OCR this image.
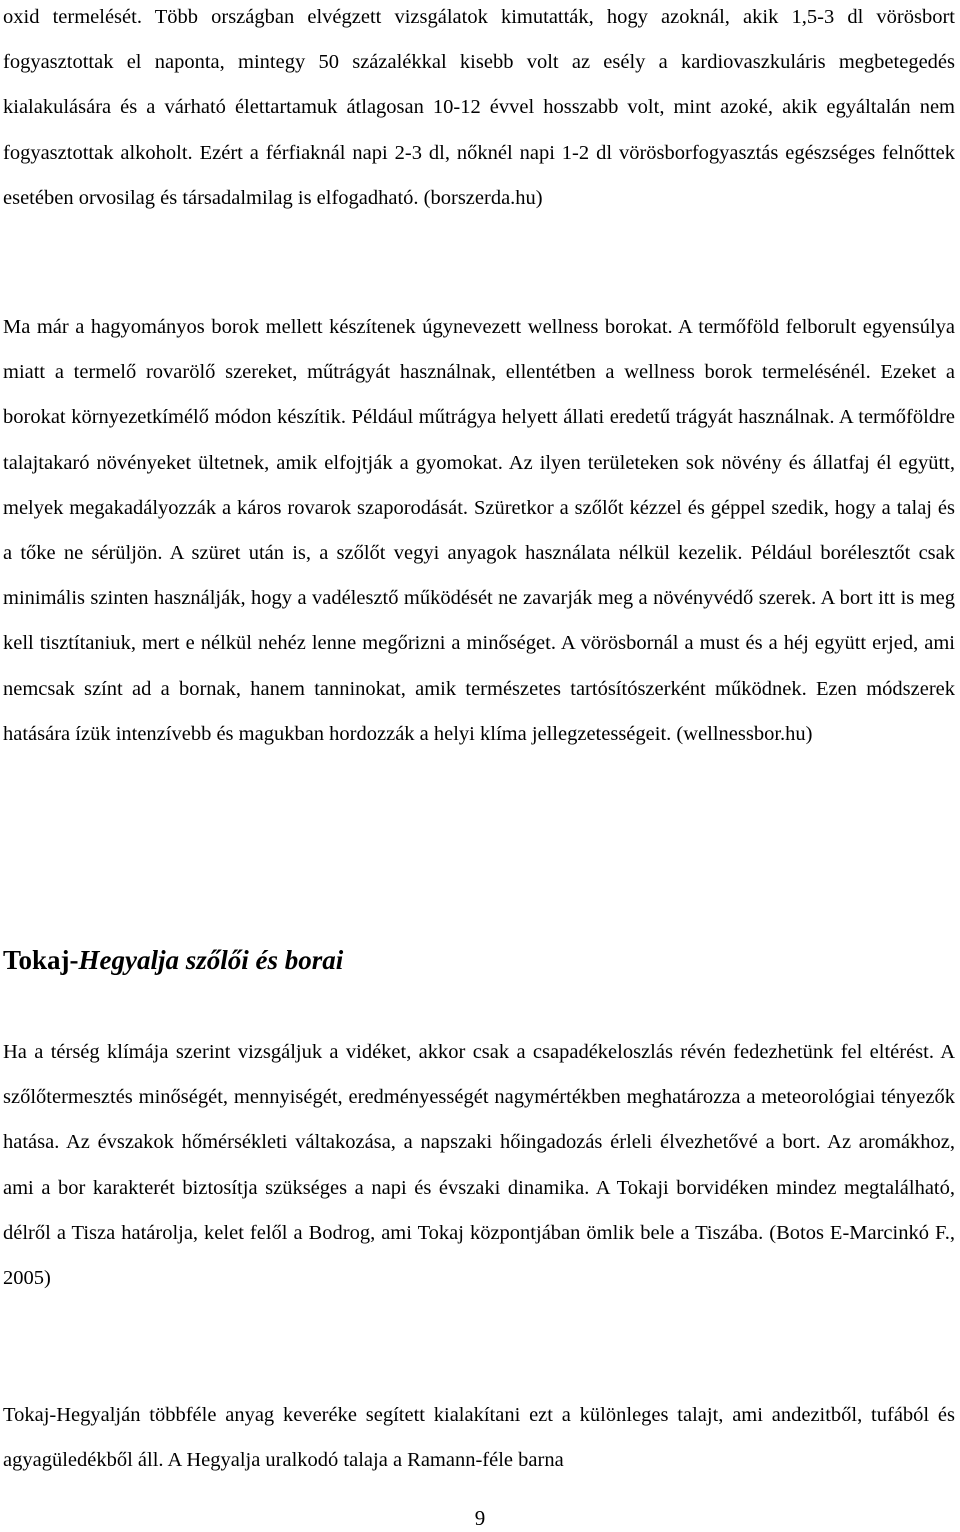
oxid termelését. Több országban elvégzett vizsgálatok kimutatták, hogy azoknál, akik 1,5-3 dl vörösbort fogyasztottak el naponta, mintegy 50 százalékkal kisebb volt az esély a kardiovaszkuláris megbetegedés kialakulására és a várható élettartamuk átlagosan 10-12 évvel hosszabb volt, mint azoké, akik egyáltalán nem fogyasztottak alkoholt. Ezért a férfiaknál napi 2-3 dl, nőknél napi 1-2 dl vörösborfogyasztás egészséges felnőttek esetében orvosilag és társadalmilag is elfogadható. (borszerda.hu)

Ma már a hagyományos borok mellett készítenek úgynevezett wellness borokat. A termőföld felborult egyensúlya miatt a termelő rovarölő szereket, műtrágyát használnak, ellentétben a wellness borok termelésénél. Ezeket a borokat környezetkímélő módon készítik. Például műtrágya helyett állati eredetű trágyát használnak. A termőföldre talajtakaró növényeket ültetnek, amik elfojtják a gyomokat. Az ilyen területeken sok növény és állatfaj él együtt, melyek megakadályozzák a káros rovarok szaporodását. Szüretkor a szőlőt kézzel és géppel szedik, hogy a talaj és a tőke ne sérüljön. A szüret után is, a szőlőt vegyi anyagok használata nélkül kezelik. Például borélesztőt csak minimális szinten használják, hogy a vadélesztő működését ne zavarják meg a növényvédő szerek. A bort itt is meg kell tisztítaniuk, mert e nélkül nehéz lenne megőrizni a minőséget. A vörösbornál a must és a héj együtt erjed, ami nemcsak színt ad a bornak, hanem tanninokat, amik természetes tartósítószerként működnek. Ezen módszerek hatására ízük intenzívebb és magukban hordozzák a helyi klíma jellegzetességeit. (wellnessbor.hu)

Tokaj-Hegyalja szőlői és borai

Ha a térség klímája szerint vizsgáljuk a vidéket, akkor csak a csapadékeloszlás révén fedezhetünk fel eltérést. A szőlőtermesztés minőségét, mennyiségét, eredményességét nagymértékben meghatározza a meteorológiai tényezők hatása. Az évszakok hőmérsékleti váltakozása, a napszaki hőingadozás érleli élvezhetővé a bort. Az aromákhoz, ami a bor karakterét biztosítja szükséges a napi és évszaki dinamika. A Tokaji borvidéken mindez megtalálható, délről a Tisza határolja, kelet felől a Bodrog, ami Tokaj központjában ömlik bele a Tiszába. (Botos E-Marcinkó F., 2005)

Tokaj-Hegyalján többféle anyag keveréke segített kialakítani ezt a különleges talajt, ami andezitből, tufából és agyagüledékből áll. A Hegyalja uralkodó talaja a Ramann-féle barna

9
